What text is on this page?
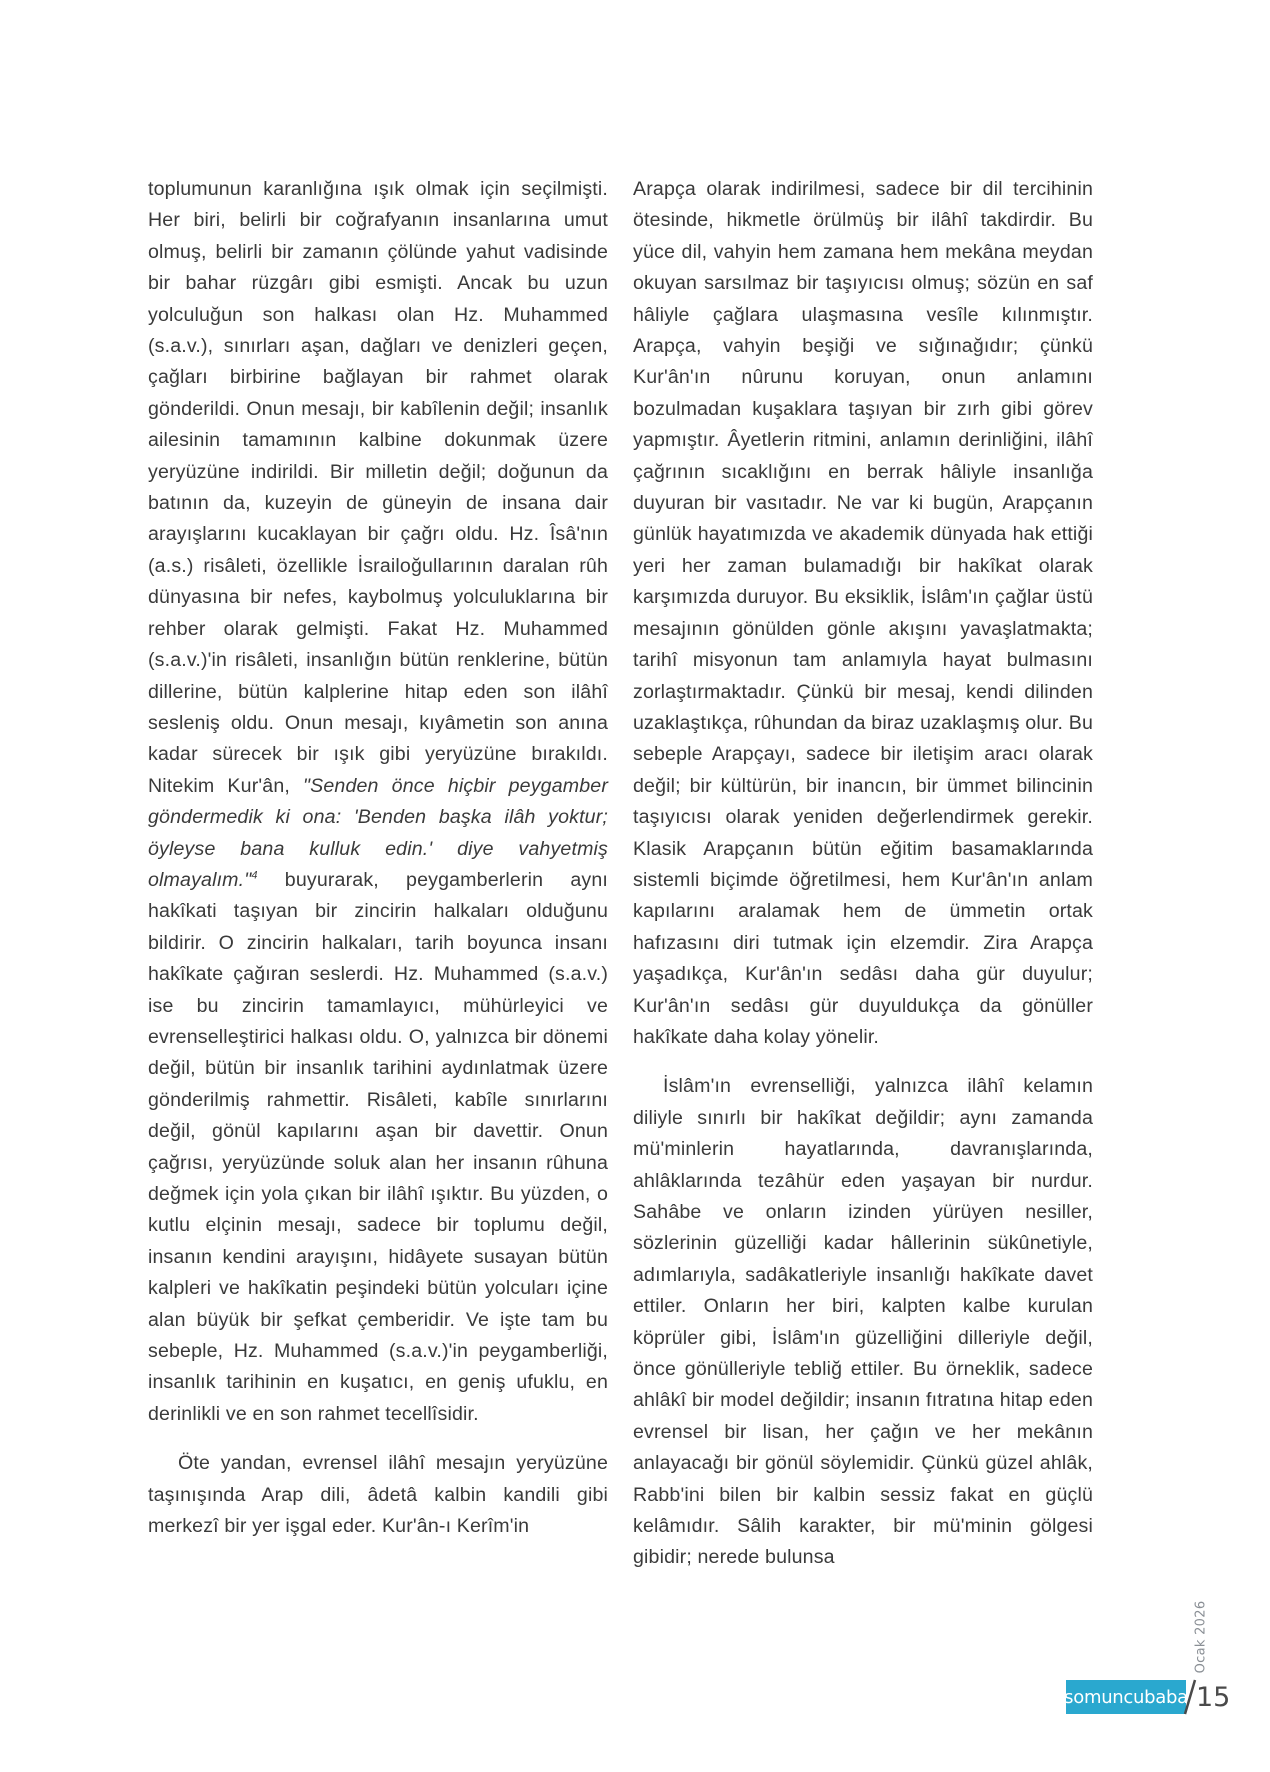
toplumunun karanlığına ışık olmak için seçilmişti. Her biri, belirli bir coğrafyanın insanlarına umut olmuş, belirli bir zamanın çölünde yahut vadisinde bir bahar rüzgârı gibi esmişti. Ancak bu uzun yolculuğun son halkası olan Hz. Muhammed (s.a.v.), sınırları aşan, dağları ve denizleri geçen, çağları birbirine bağlayan bir rahmet olarak gönderildi. Onun mesajı, bir kabîlenin değil; insanlık ailesinin tamamının kalbine dokunmak üzere yeryüzüne indirildi. Bir milletin değil; doğunun da batının da, kuzeyin de güneyin de insana dair arayışlarını kucaklayan bir çağrı oldu. Hz. Îsâ'nın (a.s.) risâleti, özellikle İsrailoğullarının daralan rûh dünyasına bir nefes, kaybolmuş yolculuklarına bir rehber olarak gelmişti. Fakat Hz. Muhammed (s.a.v.)'in risâleti, insanlığın bütün renklerine, bütün dillerine, bütün kalplerine hitap eden son ilâhî sesleniş oldu. Onun mesajı, kıyâmetin son anına kadar sürecek bir ışık gibi yeryüzüne bırakıldı. Nitekim Kur'ân, "Senden önce hiçbir peygamber göndermedik ki ona: 'Benden başka ilâh yoktur; öyleyse bana kulluk edin.' diye vahyetmiş olmayalım."$^4$ buyurarak, peygamberlerin aynı hakîkati taşıyan bir zincirin halkaları olduğunu bildirir. O zincirin halkaları, tarih boyunca insanı hakîkate çağıran seslerdi. Hz. Muhammed (s.a.v.) ise bu zincirin tamamlayıcı, mühürleyici ve evrenselleştirici halkası oldu. O, yalnızca bir dönemi değil, bütün bir insanlık tarihini aydınlatmak üzere gönderilmiş rahmettir. Risâleti, kabîle sınırlarını değil, gönül kapılarını aşan bir davettir. Onun çağrısı, yeryüzünde soluk alan her insanın rûhuna değmek için yola çıkan bir ilâhî ışıktır. Bu yüzden, o kutlu elçinin mesajı, sadece bir toplumu değil, insanın kendini arayışını, hidâyete susayan bütün kalpleri ve hakîkatin peşindeki bütün yolcuları içine alan büyük bir şefkat çemberidir. Ve işte tam bu sebeple, Hz. Muhammed (s.a.v.)'in peygamberliği, insanlık tarihinin en kuşatıcı, en geniş ufuklu, en derinlikli ve en son rahmet tecellîsidir.

Öte yandan, evrensel ilâhî mesajın yeryüzüne taşınışında Arap dili, âdetâ kalbin kandili gibi merkezî bir yer işgal eder. Kur'ân-ı Kerîm'in

Arapça olarak indirilmesi, sadece bir dil tercihinin ötesinde, hikmetle örülmüş bir ilâhî takdirdir. Bu yüce dil, vahyin hem zamana hem mekâna meydan okuyan sarsılmaz bir taşıyıcısı olmuş; sözün en saf hâliyle çağlara ulaşmasına vesîle kılınmıştır. Arapça, vahyin beşiği ve sığınağıdır; çünkü Kur'ân'ın nûrunu koruyan, onun anlamını bozulmadan kuşaklara taşıyan bir zırh gibi görev yapmıştır. Âyetlerin ritmini, anlamın derinliğini, ilâhî çağrının sıcaklığını en berrak hâliyle insanlığa duyuran bir vasıtadır. Ne var ki bugün, Arapçanın günlük hayatımızda ve akademik dünyada hak ettiği yeri her zaman bulamadığı bir hakîkat olarak karşımızda duruyor. Bu eksiklik, İslâm'ın çağlar üstü mesajının gönülden gönle akışını yavaşlatmakta; tarihî misyonun tam anlamıyla hayat bulmasını zorlaştırmaktadır. Çünkü bir mesaj, kendi dilinden uzaklaştıkça, rûhundan da biraz uzaklaşmış olur. Bu sebeple Arapçayı, sadece bir iletişim aracı olarak değil; bir kültürün, bir inancın, bir ümmet bilincinin taşıyıcısı olarak yeniden değerlendirmek gerekir. Klasik Arapçanın bütün eğitim basamaklarında sistemli biçimde öğretilmesi, hem Kur'ân'ın anlam kapılarını aralamak hem de ümmetin ortak hafızasını diri tutmak için elzemdir. Zira Arapça yaşadıkça, Kur'ân'ın sedâsı daha gür duyulur; Kur'ân'ın sedâsı gür duyuldukça da gönüller hakîkate daha kolay yönelir.

İslâm'ın evrenselliği, yalnızca ilâhî kelamın diliyle sınırlı bir hakîkat değildir; aynı zamanda mü'minlerin hayatlarında, davranışlarında, ahlâklarında tezâhür eden yaşayan bir nurdur. Sahâbe ve onların izinden yürüyen nesiller, sözlerinin güzelliği kadar hâllerinin sükûnetiyle, adımlarıyla, sadâkatleriyle insanlığı hakîkate davet ettiler. Onların her biri, kalpten kalbe kurulan köprüler gibi, İslâm'ın güzelliğini dilleriyle değil, önce gönülleriyle tebliğ ettiler. Bu örneklik, sadece ahlâkî bir model değildir; insanın fıtratına hitap eden evrensel bir lisan, her çağın ve her mekânın anlayacağı bir gönül söylemidir. Çünkü güzel ahlâk, Rabb'ini bilen bir kalbin sessiz fakat en güçlü kelâmıdır. Sâlih karakter, bir mü'minin gölgesi gibidir; nerede bulunsa

Ocak 2026
somuncubaba 15
